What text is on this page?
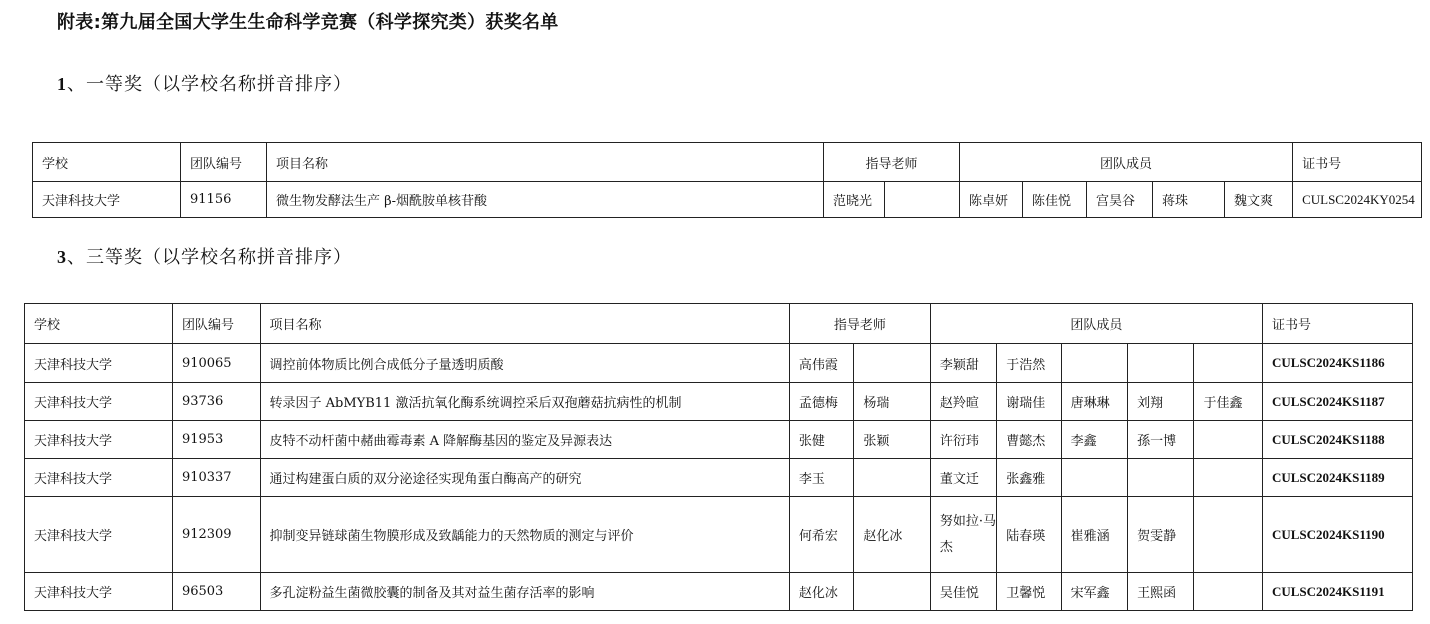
附表:第九届全国大学生生命科学竞赛（科学探究类）获奖名单
1、一等奖（以学校名称拼音排序）
学校	团队编号	项目名称	指导老师		团队成员					证书号
天津科技大学	91156	微生物发酵法生产 β-烟酰胺单核苷酸	范晓光		陈卓妍	陈佳悦	宫昊谷	蒋珠	魏文爽	CULSC2024KY0254
3、三等奖（以学校名称拼音排序）
学校	团队编号	项目名称	指导老师		团队成员					证书号
天津科技大学	910065	调控前体物质比例合成低分子量透明质酸	高伟霞		李颖甜	于浩然				CULSC2024KS1186
天津科技大学	93736	转录因子 AbMYB11 激活抗氧化酶系统调控采后双孢蘑菇抗病性的机制	孟德梅	杨瑞	赵羚暄	谢瑞佳	唐琳琳	刘翔	于佳鑫	CULSC2024KS1187
天津科技大学	91953	皮特不动杆菌中赭曲霉毒素 A 降解酶基因的鉴定及异源表达	张健	张颖	许衍玮	曹懿杰	李鑫	孫一博		CULSC2024KS1188
天津科技大学	910337	通过构建蛋白质的双分泌途径实现角蛋白酶高产的研究	李玉		董文迁	张鑫雅				CULSC2024KS1189
天津科技大学	912309	抑制变异链球菌生物膜形成及致龋能力的天然物质的测定与评价	何希宏	赵化冰	努如拉·马杰	陆春瑛	崔雅涵	贺雯静		CULSC2024KS1190
天津科技大学	96503	多孔淀粉益生菌微胶囊的制备及其对益生菌存活率的影响	赵化冰		吴佳悦	卫馨悦	宋军鑫	王熙函		CULSC2024KS1191
